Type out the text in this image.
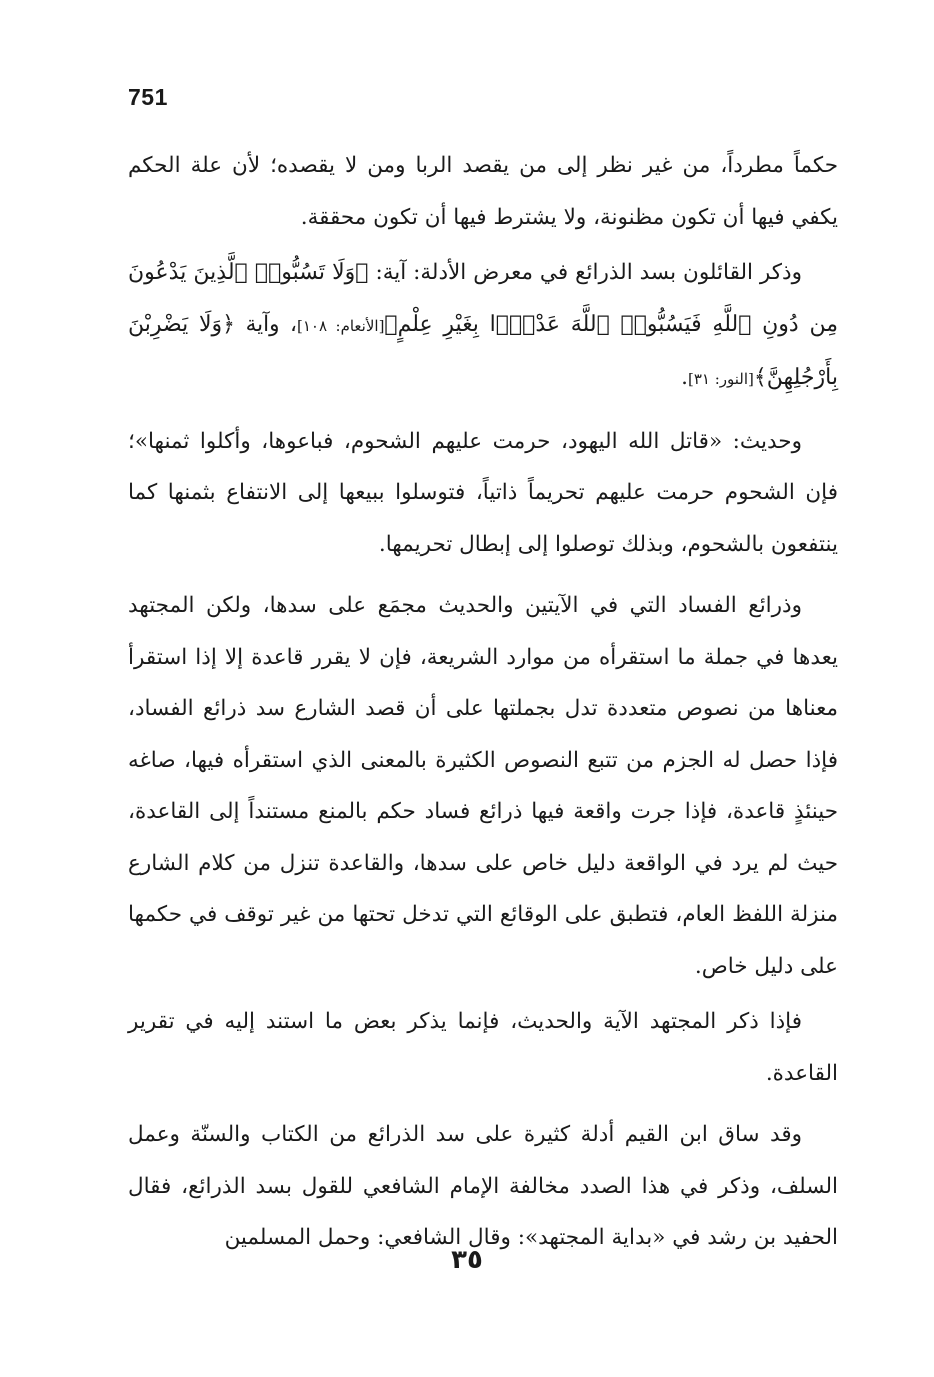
751

حكماً مطرداً، من غير نظر إلى من يقصد الربا ومن لا يقصده؛ لأن علة الحكم يكفي فيها أن تكون مظنونة، ولا يشترط فيها أن تكون محققة.

وذكر القائلون بسد الذرائع في معرض الأدلة: آية: ﴿وَلَا تَسُبُّوا۟ ٱلَّذِينَ يَدْعُونَ مِن دُونِ ٱللَّهِ فَيَسُبُّوا۟ ٱللَّهَ عَدْوًۢا بِغَيْرِ عِلْمٍ﴾[الأنعام: ١٠٨]، وآية ﴿وَلَا يَضْرِبْنَ بِأَرْجُلِهِنَّ﴾[النور: ٣١].

وحديث: «قاتل الله اليهود، حرمت عليهم الشحوم، فباعوها، وأكلوا ثمنها»؛ فإن الشحوم حرمت عليهم تحريماً ذاتياً، فتوسلوا ببيعها إلى الانتفاع بثمنها كما ينتفعون بالشحوم، وبذلك توصلوا إلى إبطال تحريمها.

وذرائع الفساد التي في الآيتين والحديث مجمَع على سدها، ولكن المجتهد يعدها في جملة ما استقرأه من موارد الشريعة، فإن لا يقرر قاعدة إلا إذا استقرأ معناها من نصوص متعددة تدل بجملتها على أن قصد الشارع سد ذرائع الفساد، فإذا حصل له الجزم من تتبع النصوص الكثيرة بالمعنى الذي استقرأه فيها، صاغه حينئذٍ قاعدة، فإذا جرت واقعة فيها ذرائع فساد حكم بالمنع مستنداً إلى القاعدة، حيث لم يرد في الواقعة دليل خاص على سدها، والقاعدة تنزل من كلام الشارع منزلة اللفظ العام، فتطبق على الوقائع التي تدخل تحتها من غير توقف في حكمها على دليل خاص.

فإذا ذكر المجتهد الآية والحديث، فإنما يذكر بعض ما استند إليه في تقرير القاعدة.

وقد ساق ابن القيم أدلة كثيرة على سد الذرائع من الكتاب والسنّة وعمل السلف، وذكر في هذا الصدد مخالفة الإمام الشافعي للقول بسد الذرائع، فقال الحفيد بن رشد في «بداية المجتهد»: وقال الشافعي: وحمل المسلمين

٣٥
